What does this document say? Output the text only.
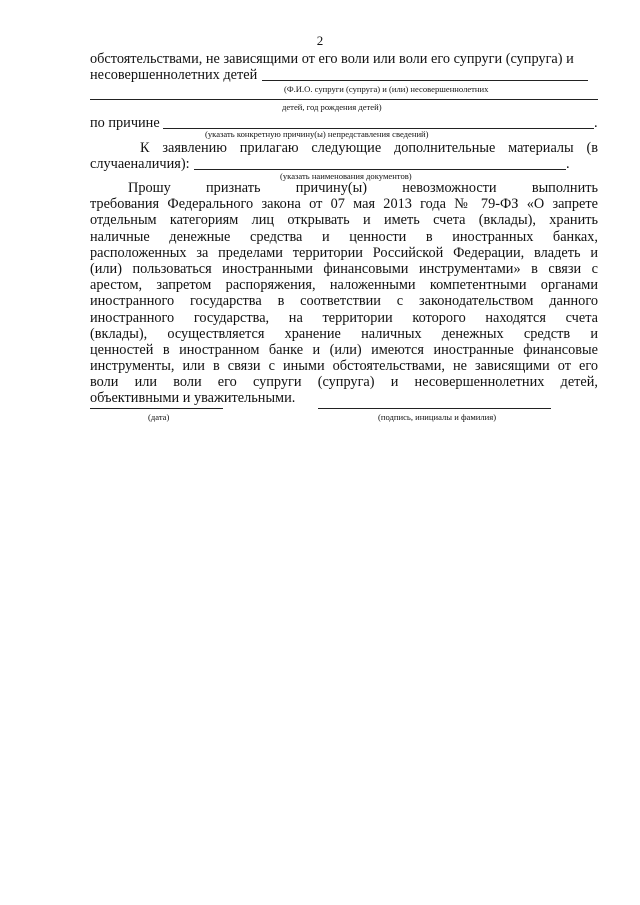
2
обстоятельствами, не зависящими от его воли или воли его супруги (супруга) и
несовершеннолетних детей
(Ф.И.О. супруги (супруга) и (или) несовершеннолетних
детей, год рождения детей)
по причине	.
(указать конкретную причину(ы) непредставления сведений)
К заявлению прилагаю следующие дополнительные материалы (в
случаеналичия):	.
(указать наименования документов)
Прошу признать причину(ы) невозможности выполнить
требования Федерального закона от 07 мая 2013 года № 79-ФЗ «О запрете
отдельным категориям лиц открывать и иметь счета (вклады), хранить
наличные денежные средства и ценности в иностранных банках,
расположенных за пределами территории Российской Федерации, владеть и
(или) пользоваться иностранными финансовыми инструментами» в связи с
арестом, запретом распоряжения, наложенными компетентными органами
иностранного государства в соответствии с законодательством данного
иностранного государства, на территории которого находятся счета
(вклады), осуществляется хранение наличных денежных средств и
ценностей в иностранном банке и (или) имеются иностранные финансовые
инструменты, или в связи с иными обстоятельствами, не зависящими от его
воли или воли его супруги (супруга) и несовершеннолетних детей,
объективными и уважительными.
(дата)	(подпись, инициалы и фамилия)
